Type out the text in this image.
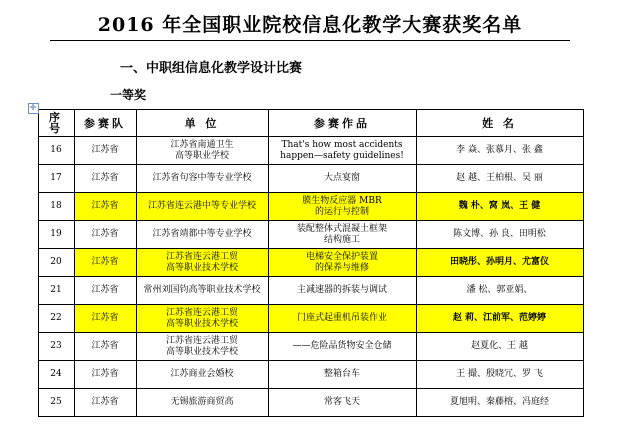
2016 年全国职业院校信息化教学大赛获奖名单
一、中职组信息化教学设计比赛
一等奖
✛
序 号	参赛队	单 位	参赛作品	姓 名

16	江苏省	江苏省南通卫生
高等职业学校	That's how most accidents
happen—safety guidelines!	李 焱、张慕月、张 鑫

17	江苏省	江苏省句容中等专业学校	大点宴窗	赵 越、王柏根、吴 丽

18	江苏省	江苏省连云港中等专业学校	膜生物反应器 MBR
的运行与控制	魏 朴、窝 岚、王 健

19	江苏省	江苏省靖都中等专业学校	装配整体式混凝土框架
结构施工	陈文博、孙 良、田明松

20	江苏省	江苏省连云港工贸
高等职业技术学校	电梯安全保护装置
的保养与维修	田晓彤、孙明月、尤富仪

21	江苏省	常州刘国钧高等职业技术学校	主减速器的拆装与调试	潘 松、郭亚娟、

22	江苏省	江苏省连云港工贸
高等职业技术学校	门座式起重机吊装作业	赵 莉、江前军、范婷婷

23	江苏省	江苏省连云港工贸
高等职业技术学校	——危险品货物安全仓储	赵夏化、王 越

24	江苏省	江苏商业会婚校	整箱台车	王 撮、殷晓冗、罗 飞

25	江苏省	无锡旅游商贸高	常客飞天	夏旭明、秦藤榕、冯庭经
